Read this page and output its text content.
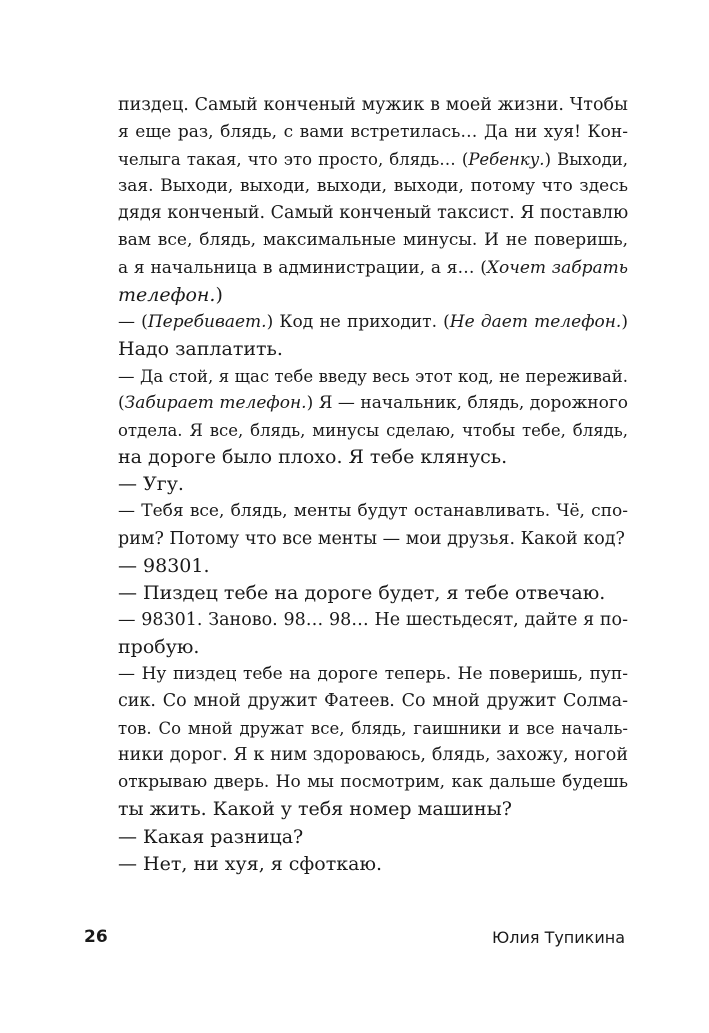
пиздец. Самый конченый мужик в моей жизни. Чтобы
я еще раз, блядь, с вами встретилась… Да ни хуя! Кон-
челыга такая, что это просто, блядь… (Ребенку.) Выходи,
зая. Выходи, выходи, выходи, выходи, потому что здесь
дядя конченый. Самый конченый таксист. Я поставлю
вам все, блядь, максимальные минусы. И не поверишь,
а я начальница в администрации, а я… (Хочет забрать
телефон.)
— (Перебивает.) Код не приходит. (Не дает телефон.)
Надо заплатить.
— Да стой, я щас тебе введу весь этот код, не переживай.
(Забирает телефон.) Я — начальник, блядь, дорожного
отдела. Я все, блядь, минусы сделаю, чтобы тебе, блядь,
на дороге было плохо. Я тебе клянусь.
— Угу.
— Тебя все, блядь, менты будут останавливать. Чё, спо-
рим? Потому что все менты — мои друзья. Какой код?
— 98301.
— Пиздец тебе на дороге будет, я тебе отвечаю.
— 98301. Заново. 98… 98… Не шестьдесят, дайте я по-
пробую.
— Ну пиздец тебе на дороге теперь. Не поверишь, пуп-
сик. Со мной дружит Фатеев. Со мной дружит Солма-
тов. Со мной дружат все, блядь, гаишники и все началь-
ники дорог. Я к ним здороваюсь, блядь, захожу, ногой
открываю дверь. Но мы посмотрим, как дальше будешь
ты жить. Какой у тебя номер машины?
— Какая разница?
— Нет, ни хуя, я сфоткаю.
26	Юлия Тупикина
